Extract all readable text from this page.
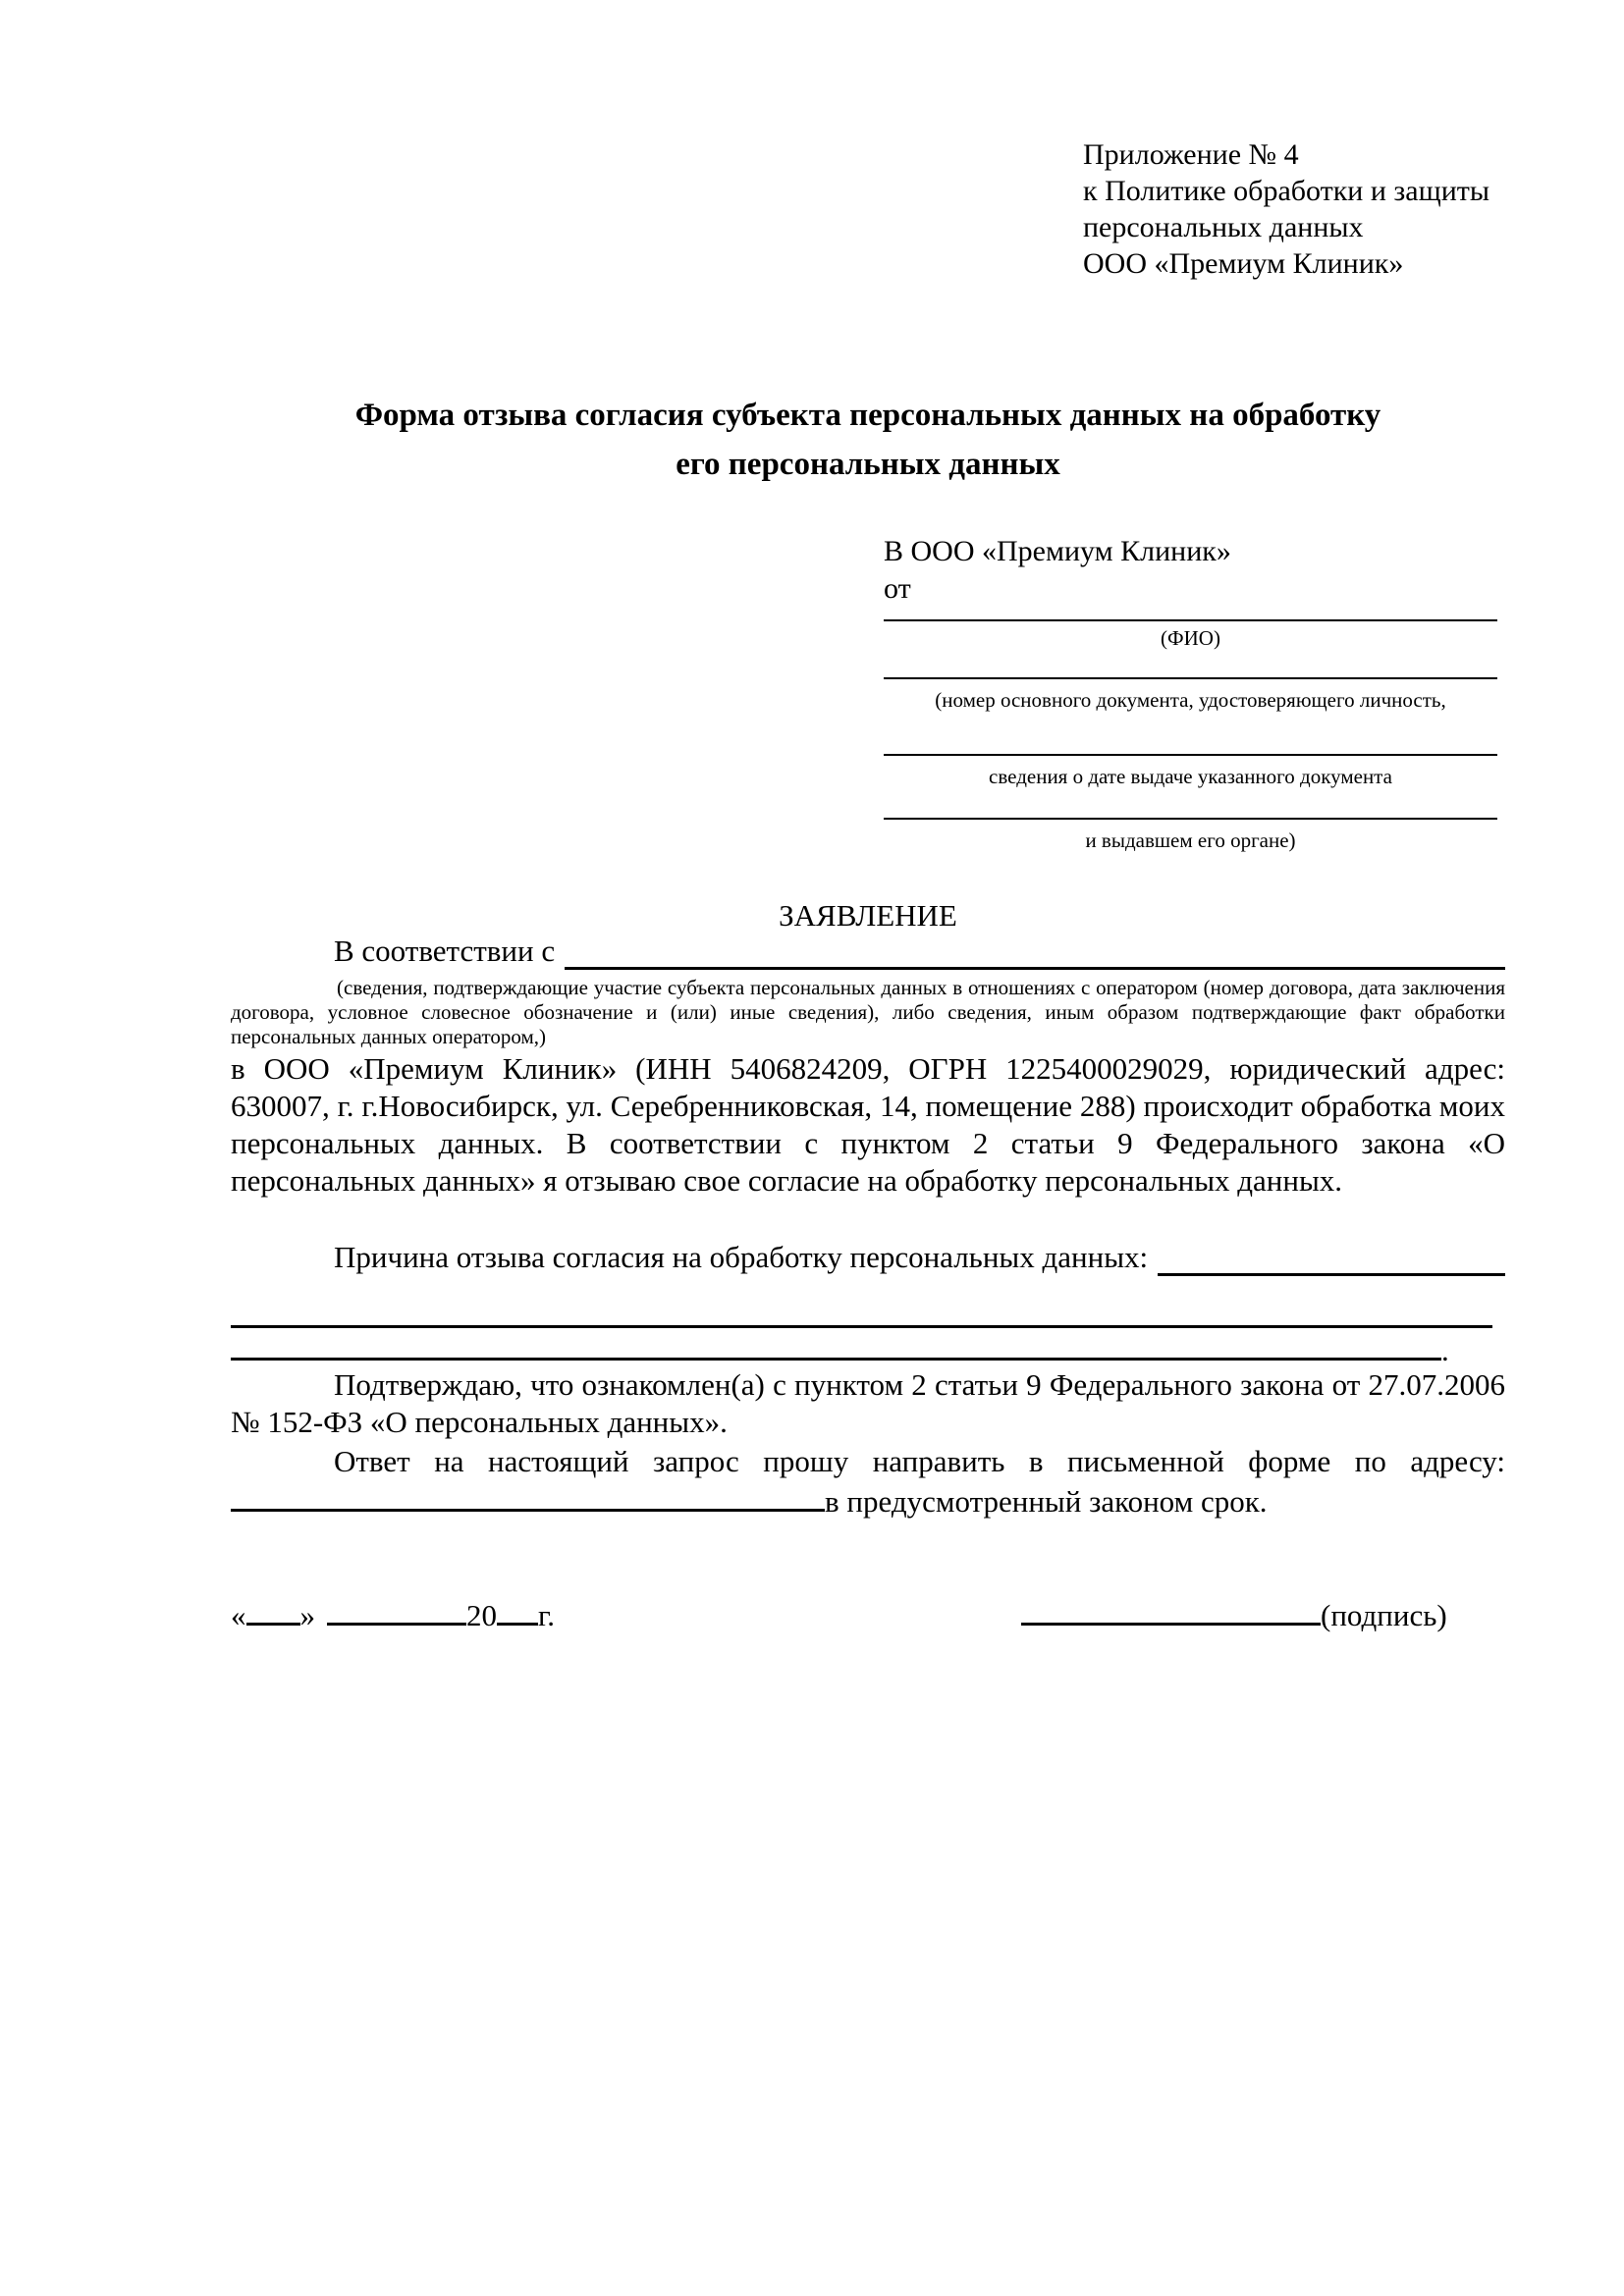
Приложение № 4
к Политике обработки и защиты
персональных данных
ООО «Премиум Клиник»
Форма отзыва согласия субъекта персональных данных на обработку
его персональных данных
В ООО «Премиум Клиник»
от
(ФИО)
(номер основного документа, удостоверяющего личность,
сведения о дате выдаче указанного документа
и выдавшем его органе)
ЗАЯВЛЕНИЕ
В соответствии с
(сведения, подтверждающие участие субъекта персональных данных в отношениях с оператором (номер договора, дата заключения договора, условное словесное обозначение и (или) иные сведения), либо сведения, иным образом подтверждающие факт обработки персональных данных оператором,)
в ООО «Премиум Клиник» (ИНН 5406824209, ОГРН 1225400029029, юридический адрес: 630007, г. г.Новосибирск, ул. Серебренниковская, 14, помещение 288) происходит обработка моих персональных данных. В соответствии с пунктом 2 статьи 9 Федерального закона «О персональных данных» я отзываю свое согласие на обработку персональных данных.
Причина отзыва согласия на обработку персональных данных:
.
Подтверждаю, что ознакомлен(а) с пунктом 2 статьи 9 Федерального закона от 27.07.2006 № 152-ФЗ «О персональных данных».
Ответ на настоящий запрос прошу направить в письменной форме по адресу:
в предусмотренный законом срок.
« »	20 г.	(подпись)
